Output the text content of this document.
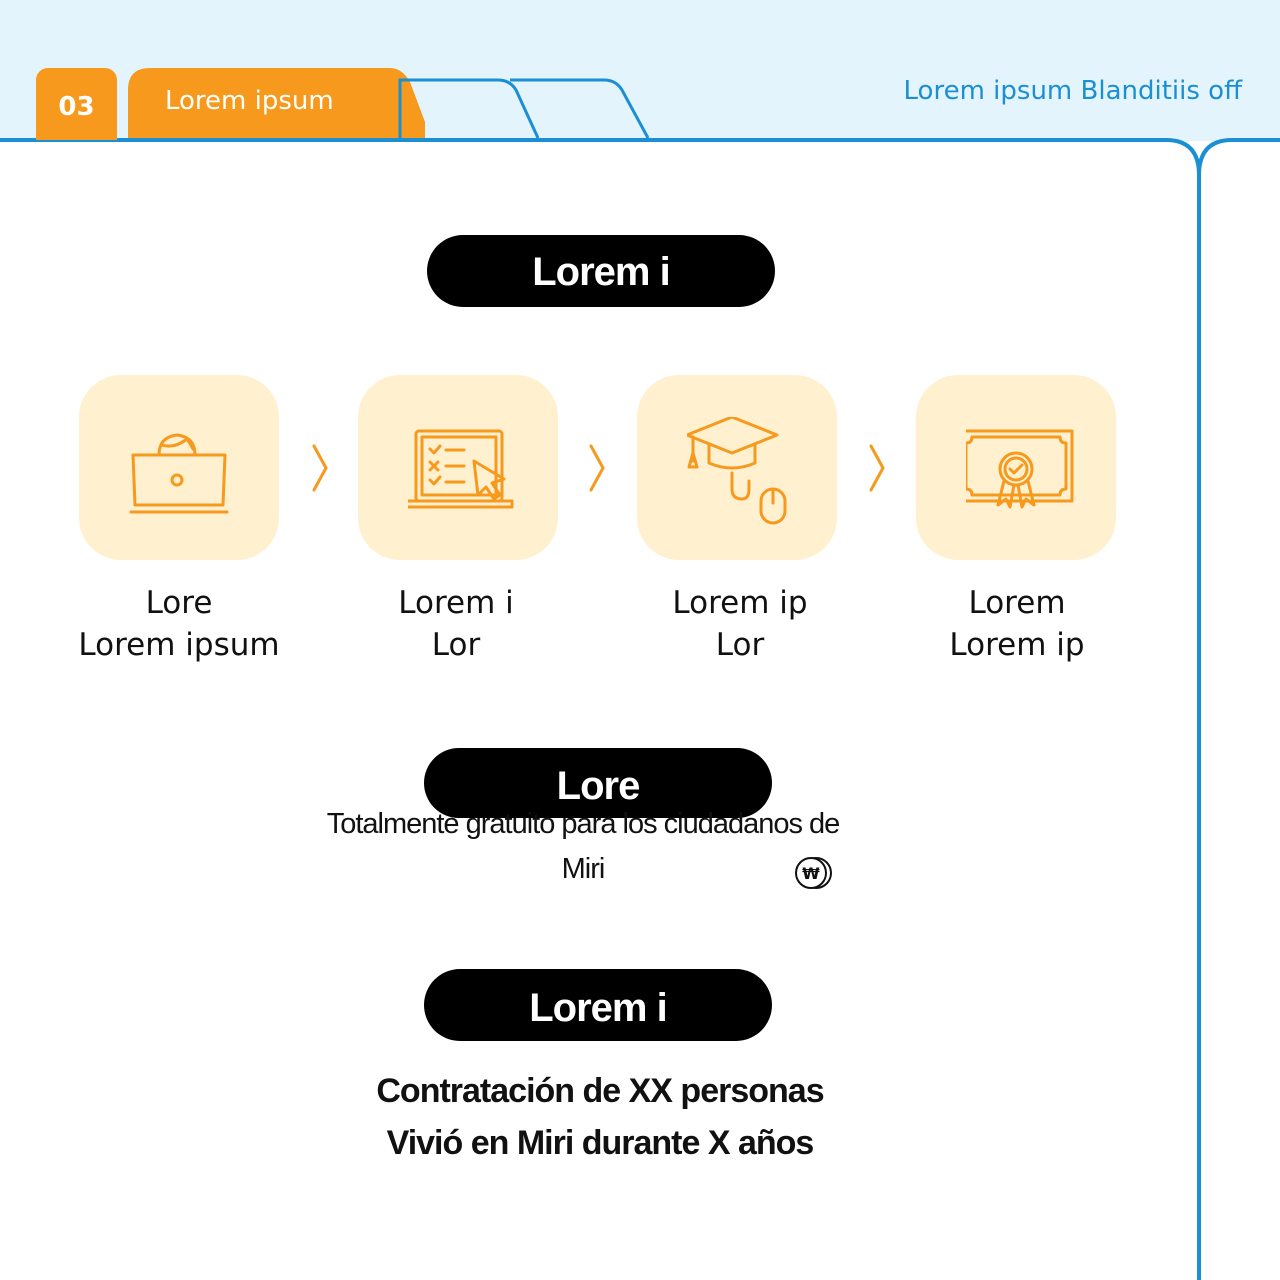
03	Lorem ipsum	Lorem ipsum Blanditiis off
Lorem i
Lore
Lorem ipsum
Lorem i
Lor
Lorem ip
Lor
Lorem
Lorem ip
Lore
Totalmente gratuito para los ciudadanos de
Miri	₩
Lorem i
Contratación de XX personas
Vivió en Miri durante X años
